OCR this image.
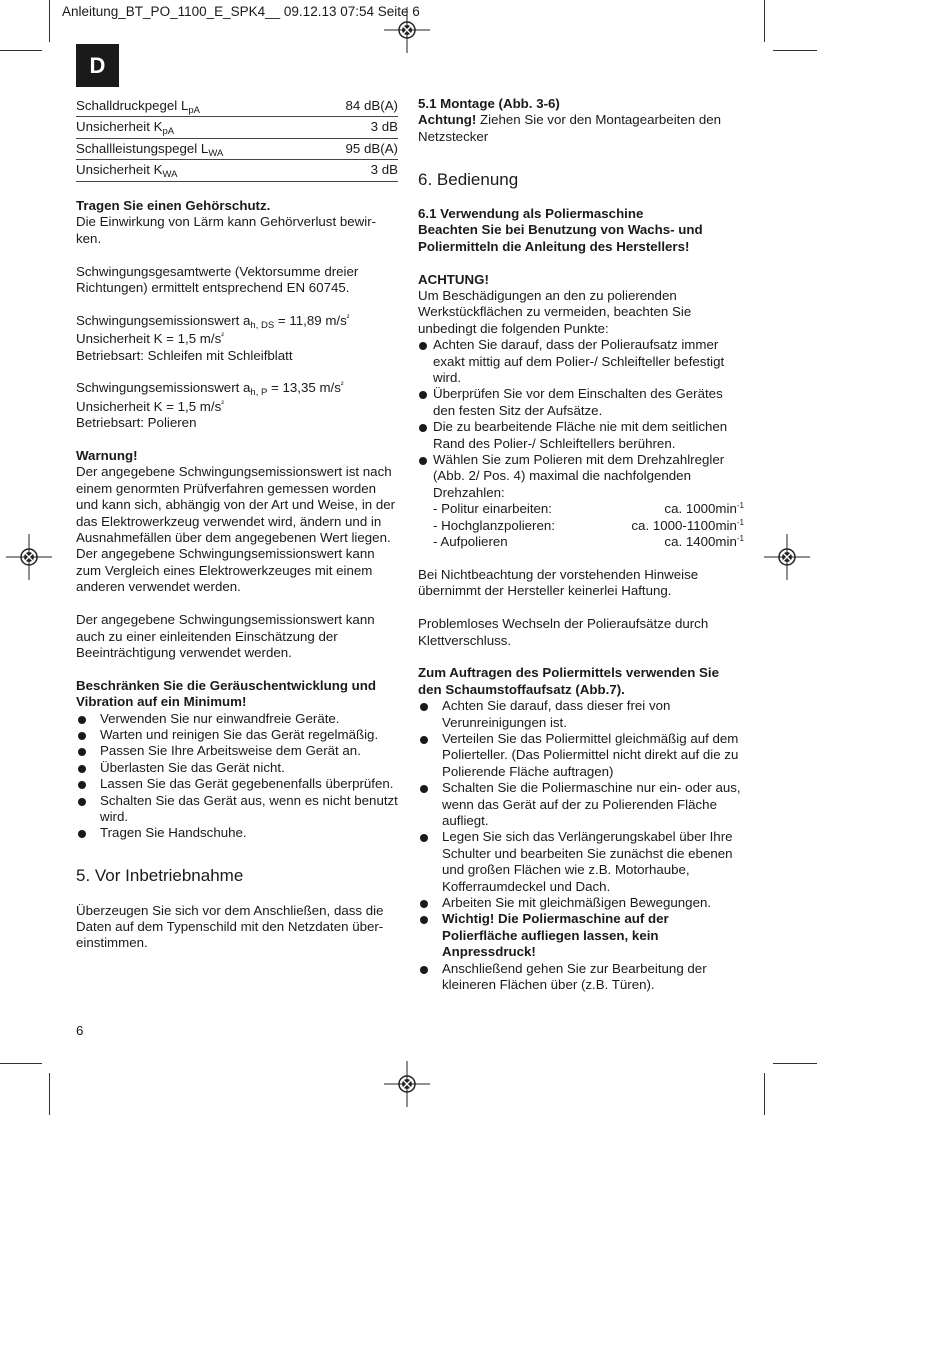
Anleitung_BT_PO_1100_E_SPK4__ 09.12.13 07:54 Seite 6
D
Schalldruckpegel $L_{pA}$	84 dB(A)
Unsicherheit $K_{pA}$	3 dB
Schallleistungspegel $L_{WA}$	95 dB(A)
Unsicherheit $K_{WA}$	3 dB

Tragen Sie einen Gehörschutz.

Die Einwirkung von Lärm kann Gehörverlust bewir- ken.

Schwingungsgesamtwerte (Vektorsumme dreier Richtungen) ermittelt entsprechend EN 60745.

Schwingungsemissionswert $a_{h, DS} = 11,89$ $m/s^{^2}$

Unsicherheit K = 1,5 $m/s^{^2}$

Betriebsart: Schleifen mit Schleifblatt

Schwingungsemissionswert $a_{h, P} = 13,35$ $m/s^{^2}$

Unsicherheit K = 1,5 $m/s^{^2}$

Betriebsart: Polieren

Warnung!

Der angegebene Schwingungsemissionswert ist nach einem genormten Prüfverfahren gemessen worden und kann sich, abhängig von der Art und Weise, in der das Elektrowerkzeug verwendet wird, ändern und in Ausnahmefällen über dem angegebenen Wert liegen.

Der angegebene Schwingungsemissionswert kann zum Vergleich eines Elektrowerkzeuges mit einem anderen verwendet werden.

Der angegebene Schwingungsemissionswert kann auch zu einer einleitenden Einschätzung der Beeinträchtigung verwendet werden.

Beschränken Sie die Geräuschentwicklung und Vibration auf ein Minimum!

Verwenden Sie nur einwandfreie Geräte.
Warten und reinigen Sie das Gerät regelmäßig.
Passen Sie Ihre Arbeitsweise dem Gerät an.
Überlasten Sie das Gerät nicht.
Lassen Sie das Gerät gegebenenfalls überprüfen.
Schalten Sie das Gerät aus, wenn es nicht benutzt wird.
Tragen Sie Handschuhe.
5. Vor Inbetriebnahme

Überzeugen Sie sich vor dem Anschließen, dass die Daten auf dem Typenschild mit den Netzdaten über- einstimmen.

5.1 Montage (Abb. 3-6)

Achtung! Ziehen Sie vor den Montagearbeiten den Netzstecker

6. Bedienung

6.1 Verwendung als Poliermaschine

Beachten Sie bei Benutzung von Wachs- und Poliermitteln die Anleitung des Herstellers!

ACHTUNG!

Um Beschädigungen an den zu polierenden Werkstückflächen zu vermeiden, beachten Sie unbedingt die folgenden Punkte:

Achten Sie darauf, dass der Polieraufsatz immer exakt mittig auf dem Polier-/ Schleifteller befestigt wird.
Überprüfen Sie vor dem Einschalten des Gerätes den festen Sitz der Aufsätze.
Die zu bearbeitende Fläche nie mit dem seitlichen Rand des Polier-/ Schleiftellers berühren.
Wählen Sie zum Polieren mit dem Drehzahlregler (Abb. 2/ Pos. 4) maximal die nachfolgenden Drehzahlen:
- Politur einarbeiten:	ca. $1000\min^{-1}$
- Hochglanzpolieren:	ca. $1000-1100\min^{-1}$
- Aufpolieren	ca. $1400\min^{-1}$

Bei Nichtbeachtung der vorstehenden Hinweise übernimmt der Hersteller keinerlei Haftung.

Problemloses Wechseln der Polieraufsätze durch Klettverschluss.

Zum Auftragen des Poliermittels verwenden Sie den Schaumstoffaufsatz (Abb.7).

Achten Sie darauf, dass dieser frei von Verunreinigungen ist.
Verteilen Sie das Poliermittel gleichmäßig auf dem Polierteller. (Das Poliermittel nicht direkt auf die zu Polierende Fläche auftragen)
Schalten Sie die Poliermaschine nur ein- oder aus, wenn das Gerät auf der zu Polierenden Fläche aufliegt.
Legen Sie sich das Verlängerungskabel über Ihre Schulter und bearbeiten Sie zunächst die ebenen und großen Flächen wie z.B. Motorhaube, Kofferraumdeckel und Dach.
Arbeiten Sie mit gleichmäßigen Bewegungen.
Wichtig! Die Poliermaschine auf der Polierfläche aufliegen lassen, kein Anpressdruck!
Anschließend gehen Sie zur Bearbeitung der kleineren Flächen über (z.B. Türen).
6
